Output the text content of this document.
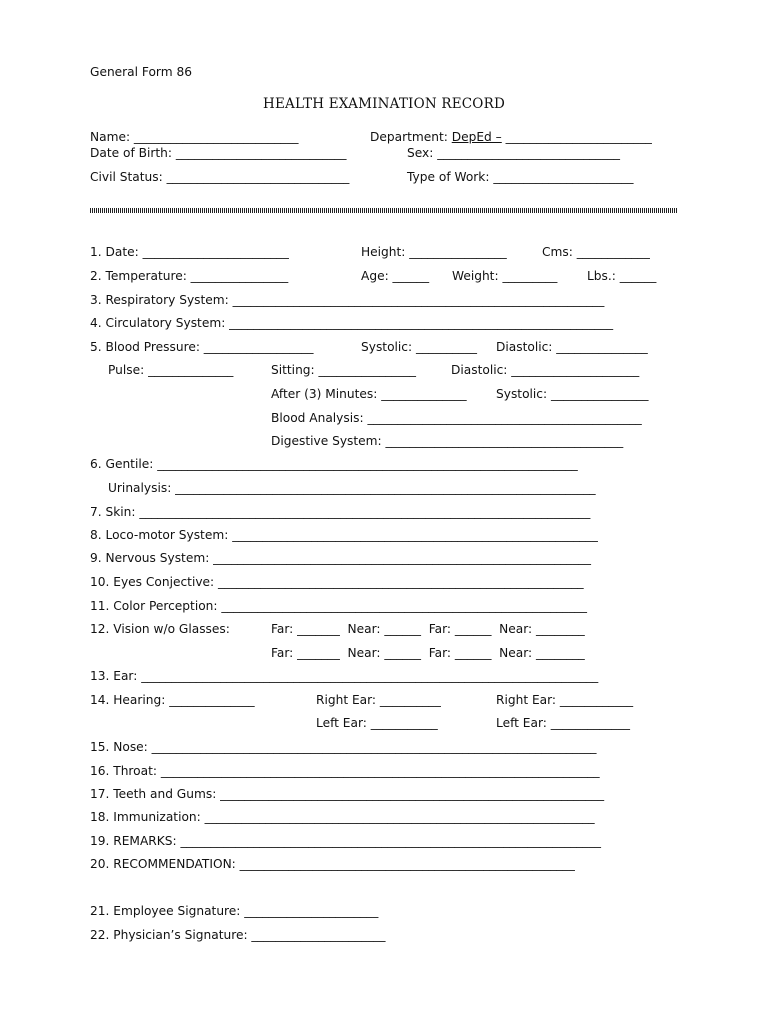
General Form 86
HEALTH EXAMINATION RECORD
Name: ___________________________	Department: DepEd – ________________________
Date of Birth: ____________________________	Sex: ______________________________
Civil Status: ______________________________	Type of Work: _______________________
1. Date: ________________________	Height: ________________	Cms: ____________
2. Temperature: ________________	Age: ______ Weight: _________ Lbs.: ______
3. Respiratory System: _____________________________________________________________
4. Circulatory System: _______________________________________________________________
5. Blood Pressure: __________________	Systolic: __________ Diastolic: _______________
Pulse: ______________	Sitting: ________________	Diastolic: _____________________
After (3) Minutes: ______________ Systolic: ________________
Blood Analysis: _____________________________________________
Digestive System: _______________________________________
6. Gentile: _____________________________________________________________________
Urinalysis: _____________________________________________________________________
7. Skin: __________________________________________________________________________
8. Loco-motor System: ____________________________________________________________
9. Nervous System: ______________________________________________________________
10. Eyes Conjective: ____________________________________________________________
11. Color Perception: ____________________________________________________________
12. Vision w/o Glasses:	Far: _______  Near: ______  Far: ______  Near: ________
Far: _______  Near: ______  Far: ______  Near: ________
13. Ear: ___________________________________________________________________________
14. Hearing: ______________	Right Ear: __________	Right Ear: ____________
Left Ear: ___________	Left Ear: _____________
15. Nose: _________________________________________________________________________
16. Throat: ________________________________________________________________________
17. Teeth and Gums: _______________________________________________________________
18. Immunization: ________________________________________________________________
19. REMARKS: _____________________________________________________________________
20. RECOMMENDATION: _______________________________________________________
21. Employee Signature: ______________________
22. Physician’s Signature: ______________________
